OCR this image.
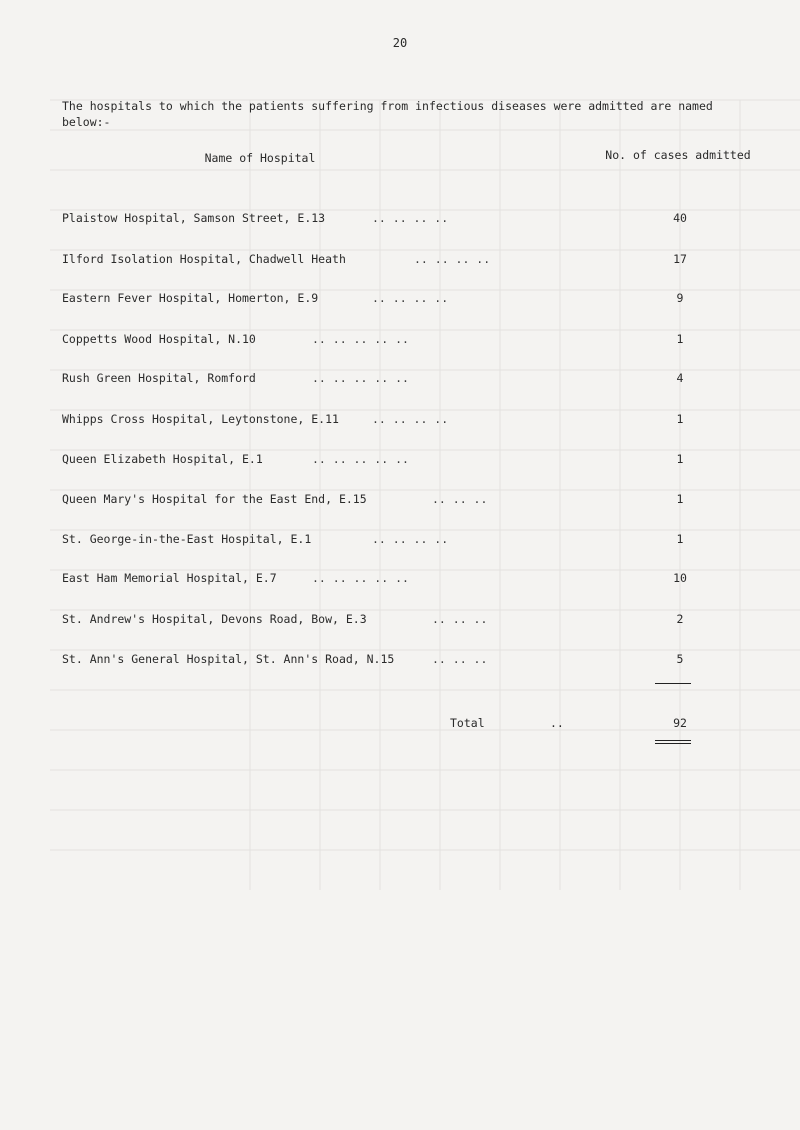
20
The hospitals to which the patients suffering from infectious diseases were admitted are named below:-
Name of Hospital	No. of cases admitted
Plaistow Hospital, Samson Street, E.13	.. .. .. ..	40
Ilford Isolation Hospital, Chadwell Heath	.. .. .. ..	17
Eastern Fever Hospital, Homerton, E.9	.. .. .. ..	9
Coppetts Wood Hospital, N.10	.. .. .. .. ..	1
Rush Green Hospital, Romford	.. .. .. .. ..	4
Whipps Cross Hospital, Leytonstone, E.11	.. .. .. ..	1
Queen Elizabeth Hospital, E.1	.. .. .. .. ..	1
Queen Mary's Hospital for the East End, E.15	.. .. ..	1
St. George-in-the-East Hospital, E.1	.. .. .. ..	1
East Ham Memorial Hospital, E.7	.. .. .. .. ..	10
St. Andrew's Hospital, Devons Road, Bow, E.3	.. .. ..	2
St. Ann's General Hospital, St. Ann's Road, N.15	.. .. ..	5
Total	..	92
